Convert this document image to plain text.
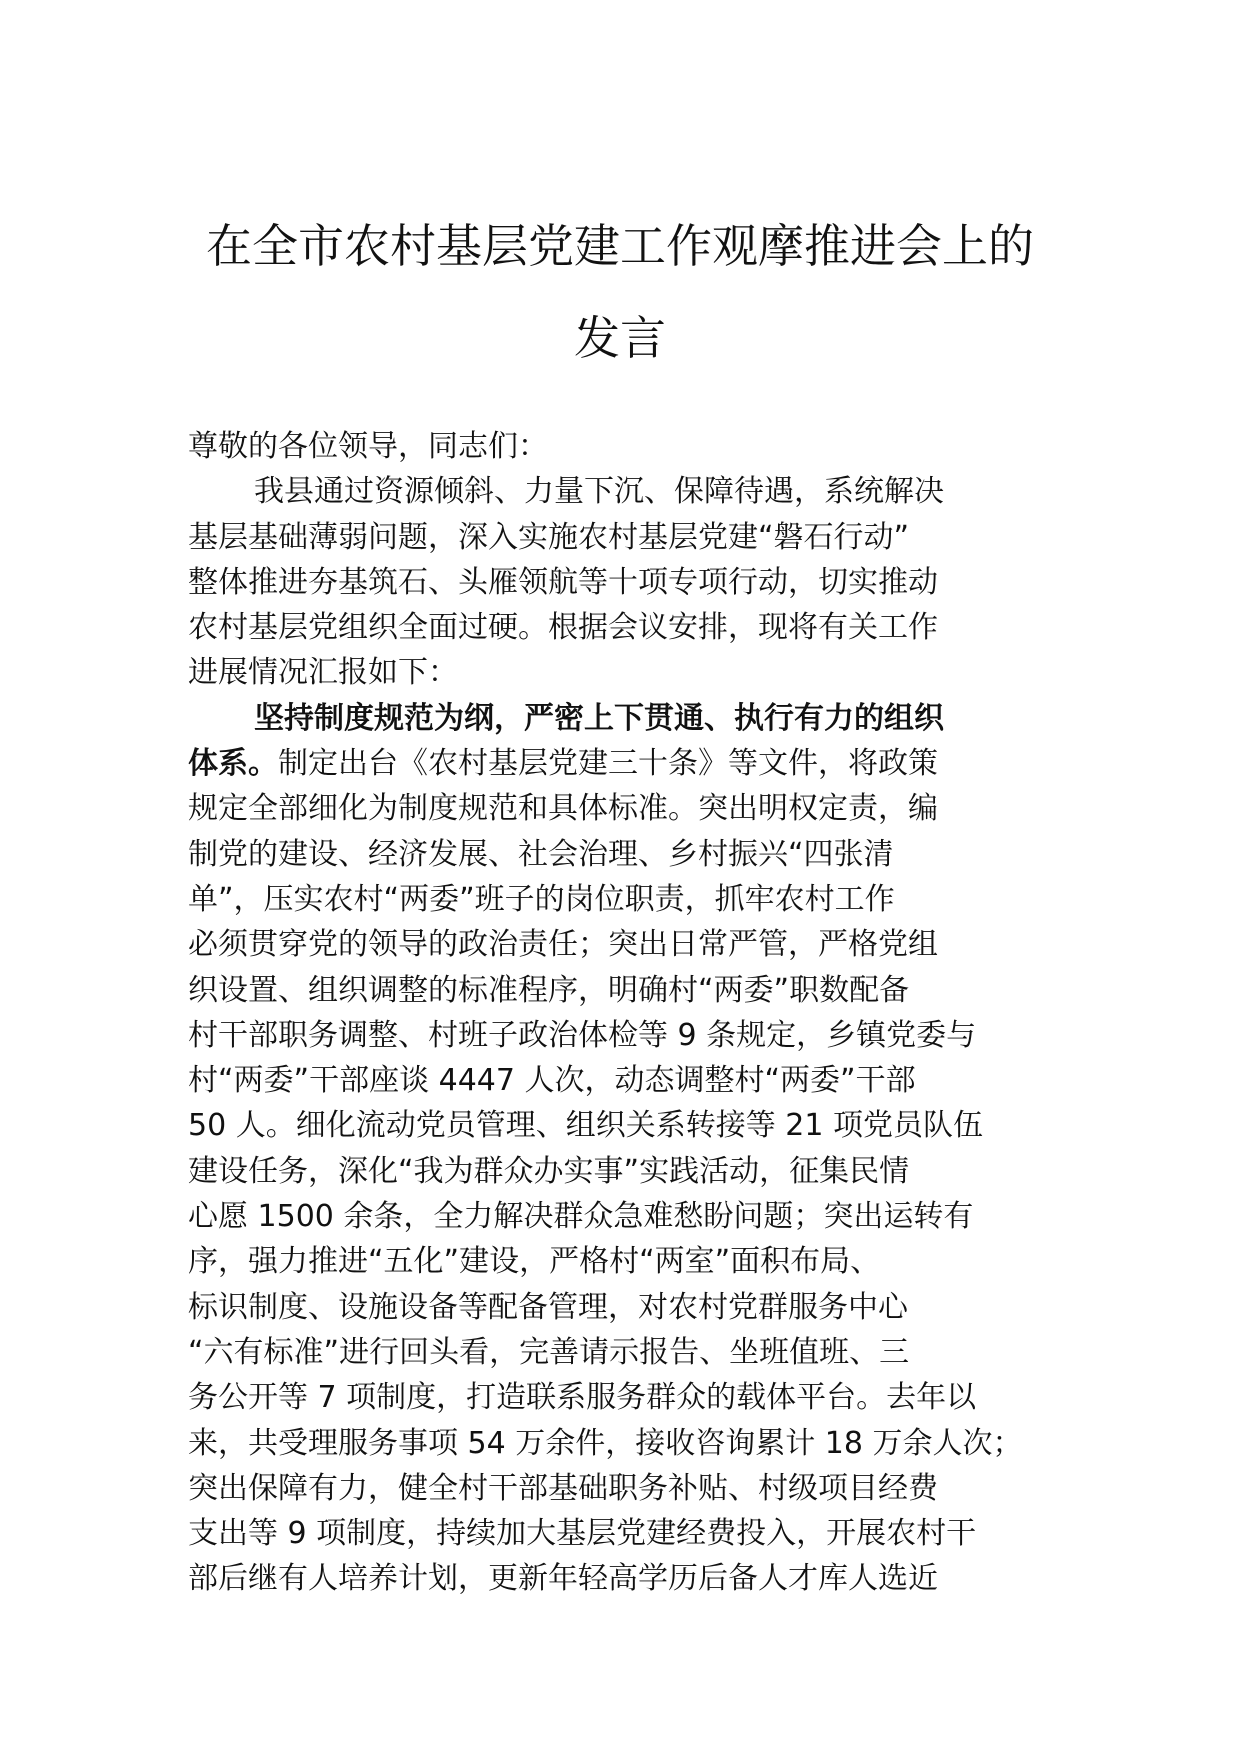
在全市农村基层党建工作观摩推进会上的
发言
尊敬的各位领导，同志们：
我县通过资源倾斜、力量下沉、保障待遇，系统解决
基层基础薄弱问题，深入实施农村基层党建“磐石行动”
整体推进夯基筑石、头雁领航等十项专项行动，切实推动
农村基层党组织全面过硬。根据会议安排，现将有关工作
进展情况汇报如下：
坚持制度规范为纲，严密上下贯通、执行有力的组织
体系。制定出台《农村基层党建三十条》等文件，将政策
规定全部细化为制度规范和具体标准。突出明权定责，编
制党的建设、经济发展、社会治理、乡村振兴“四张清
单”，压实农村“两委”班子的岗位职责，抓牢农村工作
必须贯穿党的领导的政治责任；突出日常严管，严格党组
织设置、组织调整的标准程序，明确村“两委”职数配备
村干部职务调整、村班子政治体检等 9 条规定，乡镇党委与
村“两委”干部座谈 4447 人次，动态调整村“两委”干部
50 人。细化流动党员管理、组织关系转接等 21 项党员队伍
建设任务，深化“我为群众办实事”实践活动，征集民情
心愿 1500 余条，全力解决群众急难愁盼问题；突出运转有
序，强力推进“五化”建设，严格村“两室”面积布局、
标识制度、设施设备等配备管理，对农村党群服务中心
“六有标准”进行回头看，完善请示报告、坐班值班、三
务公开等 7 项制度，打造联系服务群众的载体平台。去年以
来，共受理服务事项 54 万余件，接收咨询累计 18 万余人次；
突出保障有力，健全村干部基础职务补贴、村级项目经费
支出等 9 项制度，持续加大基层党建经费投入，开展农村干
部后继有人培养计划，更新年轻高学历后备人才库人选近
